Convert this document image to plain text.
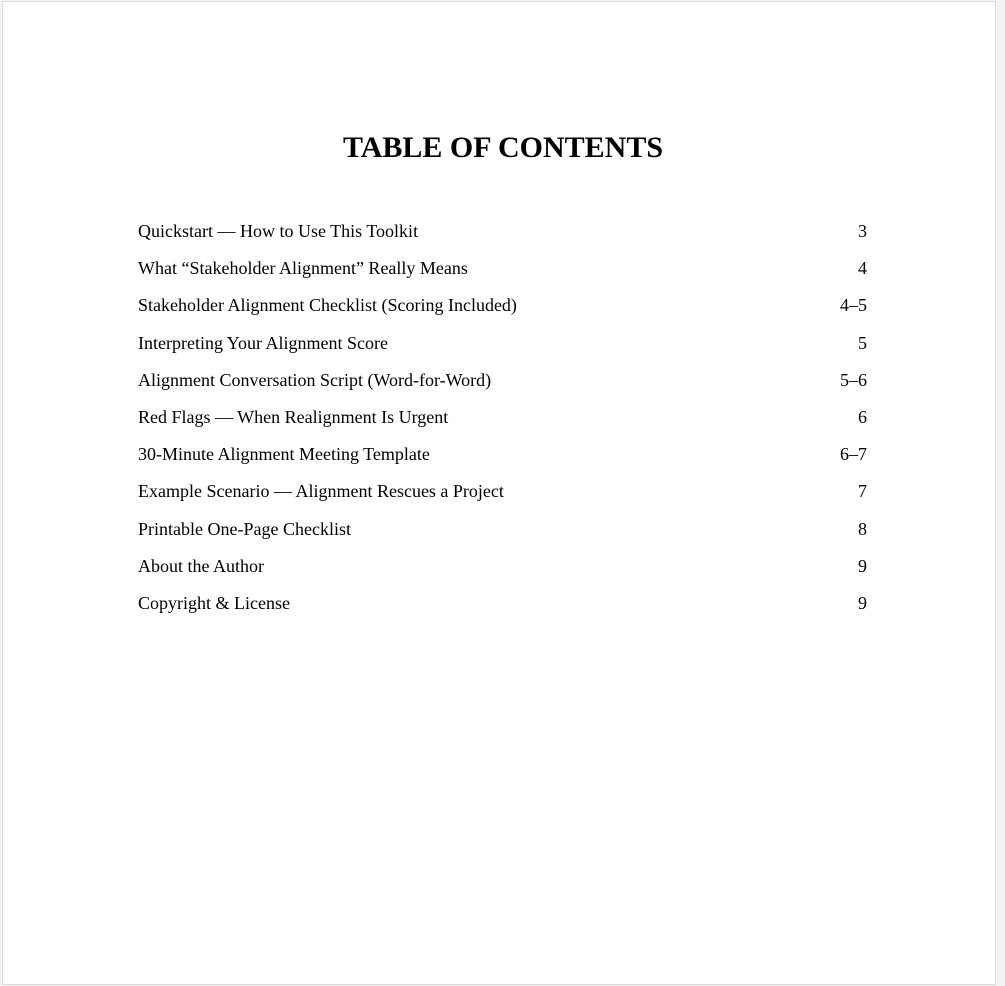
TABLE OF CONTENTS
Quickstart — How to Use This Toolkit	3
What “Stakeholder Alignment” Really Means	4
Stakeholder Alignment Checklist (Scoring Included)	4–5
Interpreting Your Alignment Score	5
Alignment Conversation Script (Word-for-Word)	5–6
Red Flags — When Realignment Is Urgent	6
30-Minute Alignment Meeting Template	6–7
Example Scenario — Alignment Rescues a Project	7
Printable One-Page Checklist	8
About the Author	9
Copyright & License	9
